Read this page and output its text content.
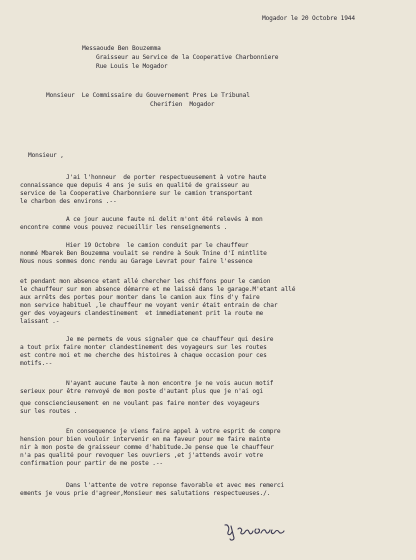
Mogador le 20 Octobre 1944
Messaoude Ben Bouzemma
Graisseur au Service de la Cooperative Charbonniere
Rue Louis le Mogador
Monsieur  Le Commissaire du Gouvernement Pres Le Tribunal
Cherifien  Mogador
Monsieur ,
J'ai l'honneur  de porter respectueusement à votre haute
connaissance que depuis 4 ans je suis en qualité de graisseur au
service de la Cooperative Charbonniere sur le camion transportant
le charbon des environs .--
A ce jour aucune faute ni delit m'ont été relevés à mon
encontre comme vous pouvez recueillir les renseignements .
Hier 19 Octobre  le camion conduit par le chauffeur
nommé Mbarek Ben Bouzemma voulait se rendre à Souk Tnine d'I mintlite
Nous nous sommes donc rendu au Garage Levrat pour faire l'essence
et pendant mon absence etant allé chercher les chiffons pour le camion
le chauffeur sur mon absence démarre et me laissé dans le garage.M'etant allé
aux arrêts des portes pour monter dans le camion aux fins d'y faire
mon service habituel ,le chauffeur me voyant venir était entrain de char
ger des voyageurs clandestinement  et immediatement prit la route me
laissant .-
Je me permets de vous signaler que ce chauffeur qui desire
a tout prix faire monter clandestinement des voyageurs sur les routes
est contre moi et me cherche des histoires à chaque occasion pour ces
motifs.--
N'ayant aucune faute à mon encontre je ne vois aucun motif
serieux pour être renvoyé de mon poste d'autant plus que je n'ai ogi
que consciencieusement en ne voulant pas faire monter des voyageurs
sur les routes .
En consequence je viens faire appel à votre esprit de compre
hension pour bien vouloir intervenir en ma faveur pour me faire mainte
nir à mon poste de graisseur comme d'habitude.Je pense que le chauffeur
n'a pas qualité pour revoquer les ouvriers ,et j'attends avoir votre
confirmation pour partir de me poste .--
Dans l'attente de votre reponse favorable et avec mes remerci
ements je vous prie d'agreer,Monsieur mes salutations respectueuses./.
